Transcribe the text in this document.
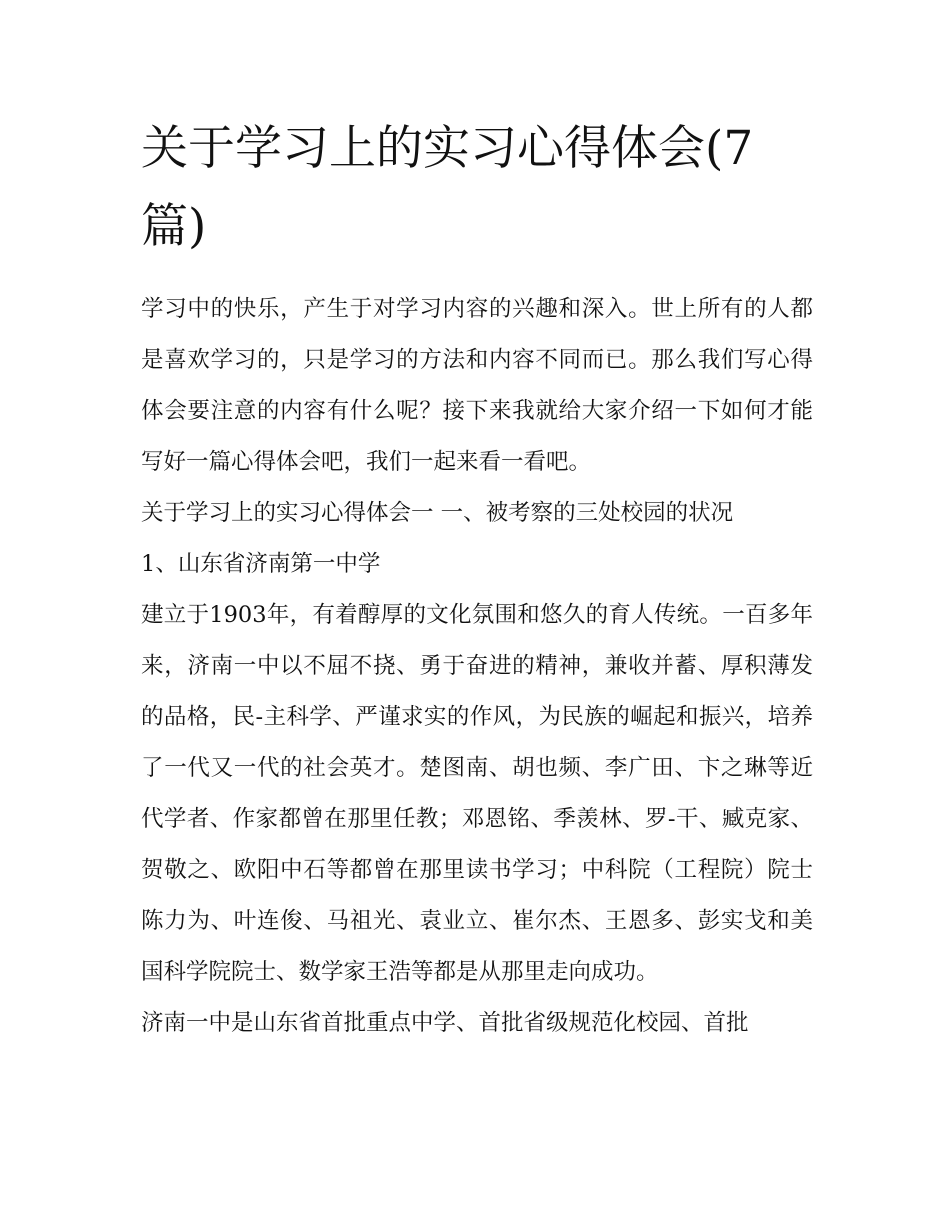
关于学习上的实习心得体会(7篇)

学习中的快乐，产生于对学习内容的兴趣和深入。世上所有的人都是喜欢学习的，只是学习的方法和内容不同而已。那么我们写心得体会要注意的内容有什么呢？接下来我就给大家介绍一下如何才能写好一篇心得体会吧，我们一起来看一看吧。

关于学习上的实习心得体会一 一、被考察的三处校园的状况

1、山东省济南第一中学

建立于1903年，有着醇厚的文化氛围和悠久的育人传统。一百多年来，济南一中以不屈不挠、勇于奋进的精神，兼收并蓄、厚积薄发的品格，民-主科学、严谨求实的作风，为民族的崛起和振兴，培养了一代又一代的社会英才。楚图南、胡也频、李广田、卞之琳等近代学者、作家都曾在那里任教；邓恩铭、季羡林、罗-干、臧克家、贺敬之、欧阳中石等都曾在那里读书学习；中科院（工程院）院士陈力为、叶连俊、马祖光、袁业立、崔尔杰、王恩多、彭实戈和美国科学院院士、数学家王浩等都是从那里走向成功。

济南一中是山东省首批重点中学、首批省级规范化校园、首批
